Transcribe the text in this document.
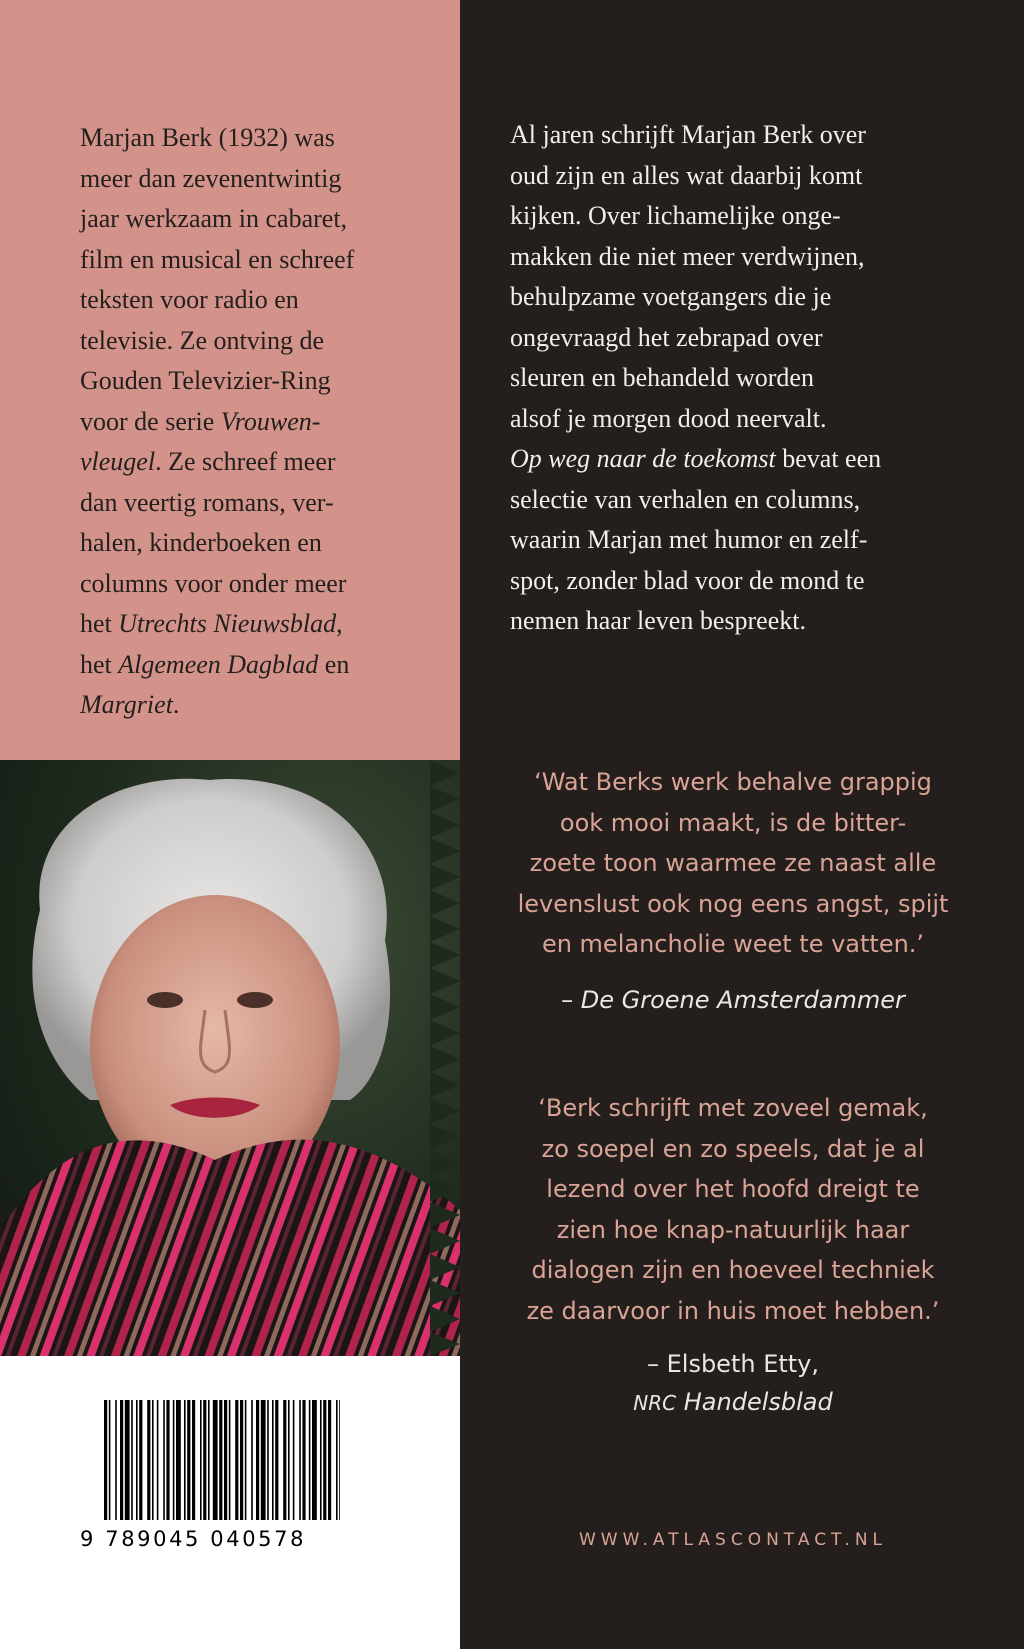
Marjan Berk (1932) was
meer dan zevenentwintig
jaar werkzaam in cabaret,
film en musical en schreef
teksten voor radio en
televisie. Ze ontving de
Gouden Televizier-Ring
voor de serie Vrouwen-
vleugel. Ze schreef meer
dan veertig romans, ver-
halen, kinderboeken en
columns voor onder meer
het Utrechts Nieuwsblad,
het Algemeen Dagblad en
Margriet.

9 789045 040578

Al jaren schrijft Marjan Berk over
oud zijn en alles wat daarbij komt
kijken. Over lichamelijke onge-
makken die niet meer verdwijnen,
behulpzame voetgangers die je
ongevraagd het zebrapad over
sleuren en behandeld worden
alsof je morgen dood neervalt.
Op weg naar de toekomst bevat een
selectie van verhalen en columns,
waarin Marjan met humor en zelf-
spot, zonder blad voor de mond te
nemen haar leven bespreekt.

‘Wat Berks werk behalve grappig
ook mooi maakt, is de bitter-
zoete toon waarmee ze naast alle
levenslust ook nog eens angst, spijt
en melancholie weet te vatten.’

– De Groene Amsterdammer

‘Berk schrijft met zoveel gemak,
zo soepel en zo speels, dat je al
lezend over het hoofd dreigt te
zien hoe knap-natuurlijk haar
dialogen zijn en hoeveel techniek
ze daarvoor in huis moet hebben.’

– Elsbeth Etty,
NRC Handelsblad
WWW.ATLASCONTACT.NL
